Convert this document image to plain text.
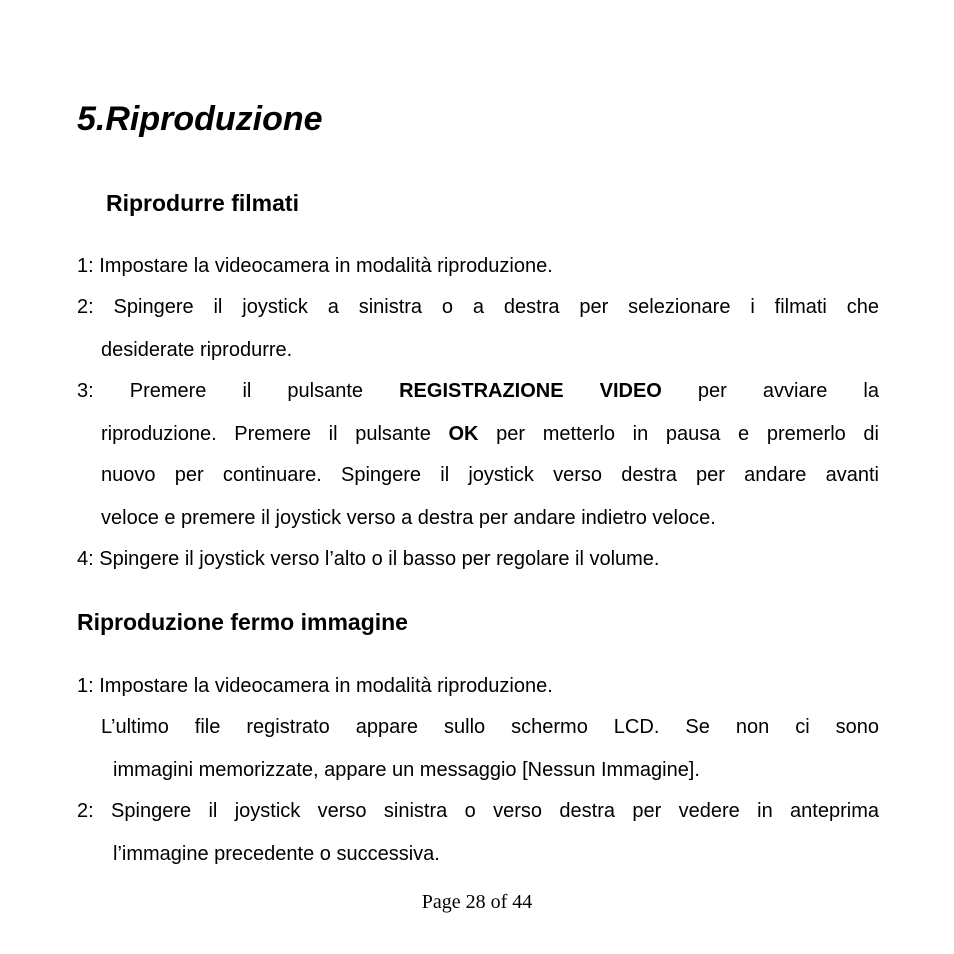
5.Riproduzione
Riprodurre filmati
1: Impostare la videocamera in modalità riproduzione.
2: Spingere il joystick a sinistra o a destra per selezionare i filmati che
desiderate riprodurre.
3: Premere il pulsante REGISTRAZIONE VIDEO per avviare la
riproduzione. Premere il pulsante OK per metterlo in pausa e premerlo di
nuovo per continuare. Spingere il joystick verso destra per andare avanti
veloce e premere il joystick verso a destra per andare indietro veloce.
4: Spingere il joystick verso l’alto o il basso per regolare il volume.
Riproduzione fermo immagine
1: Impostare la videocamera in modalità riproduzione.
L’ultimo file registrato appare sullo schermo LCD. Se non ci sono
immagini memorizzate, appare un messaggio [Nessun Immagine].
2: Spingere il joystick verso sinistra o verso destra per vedere in anteprima
l’immagine precedente o successiva.
Page 28 of 44
